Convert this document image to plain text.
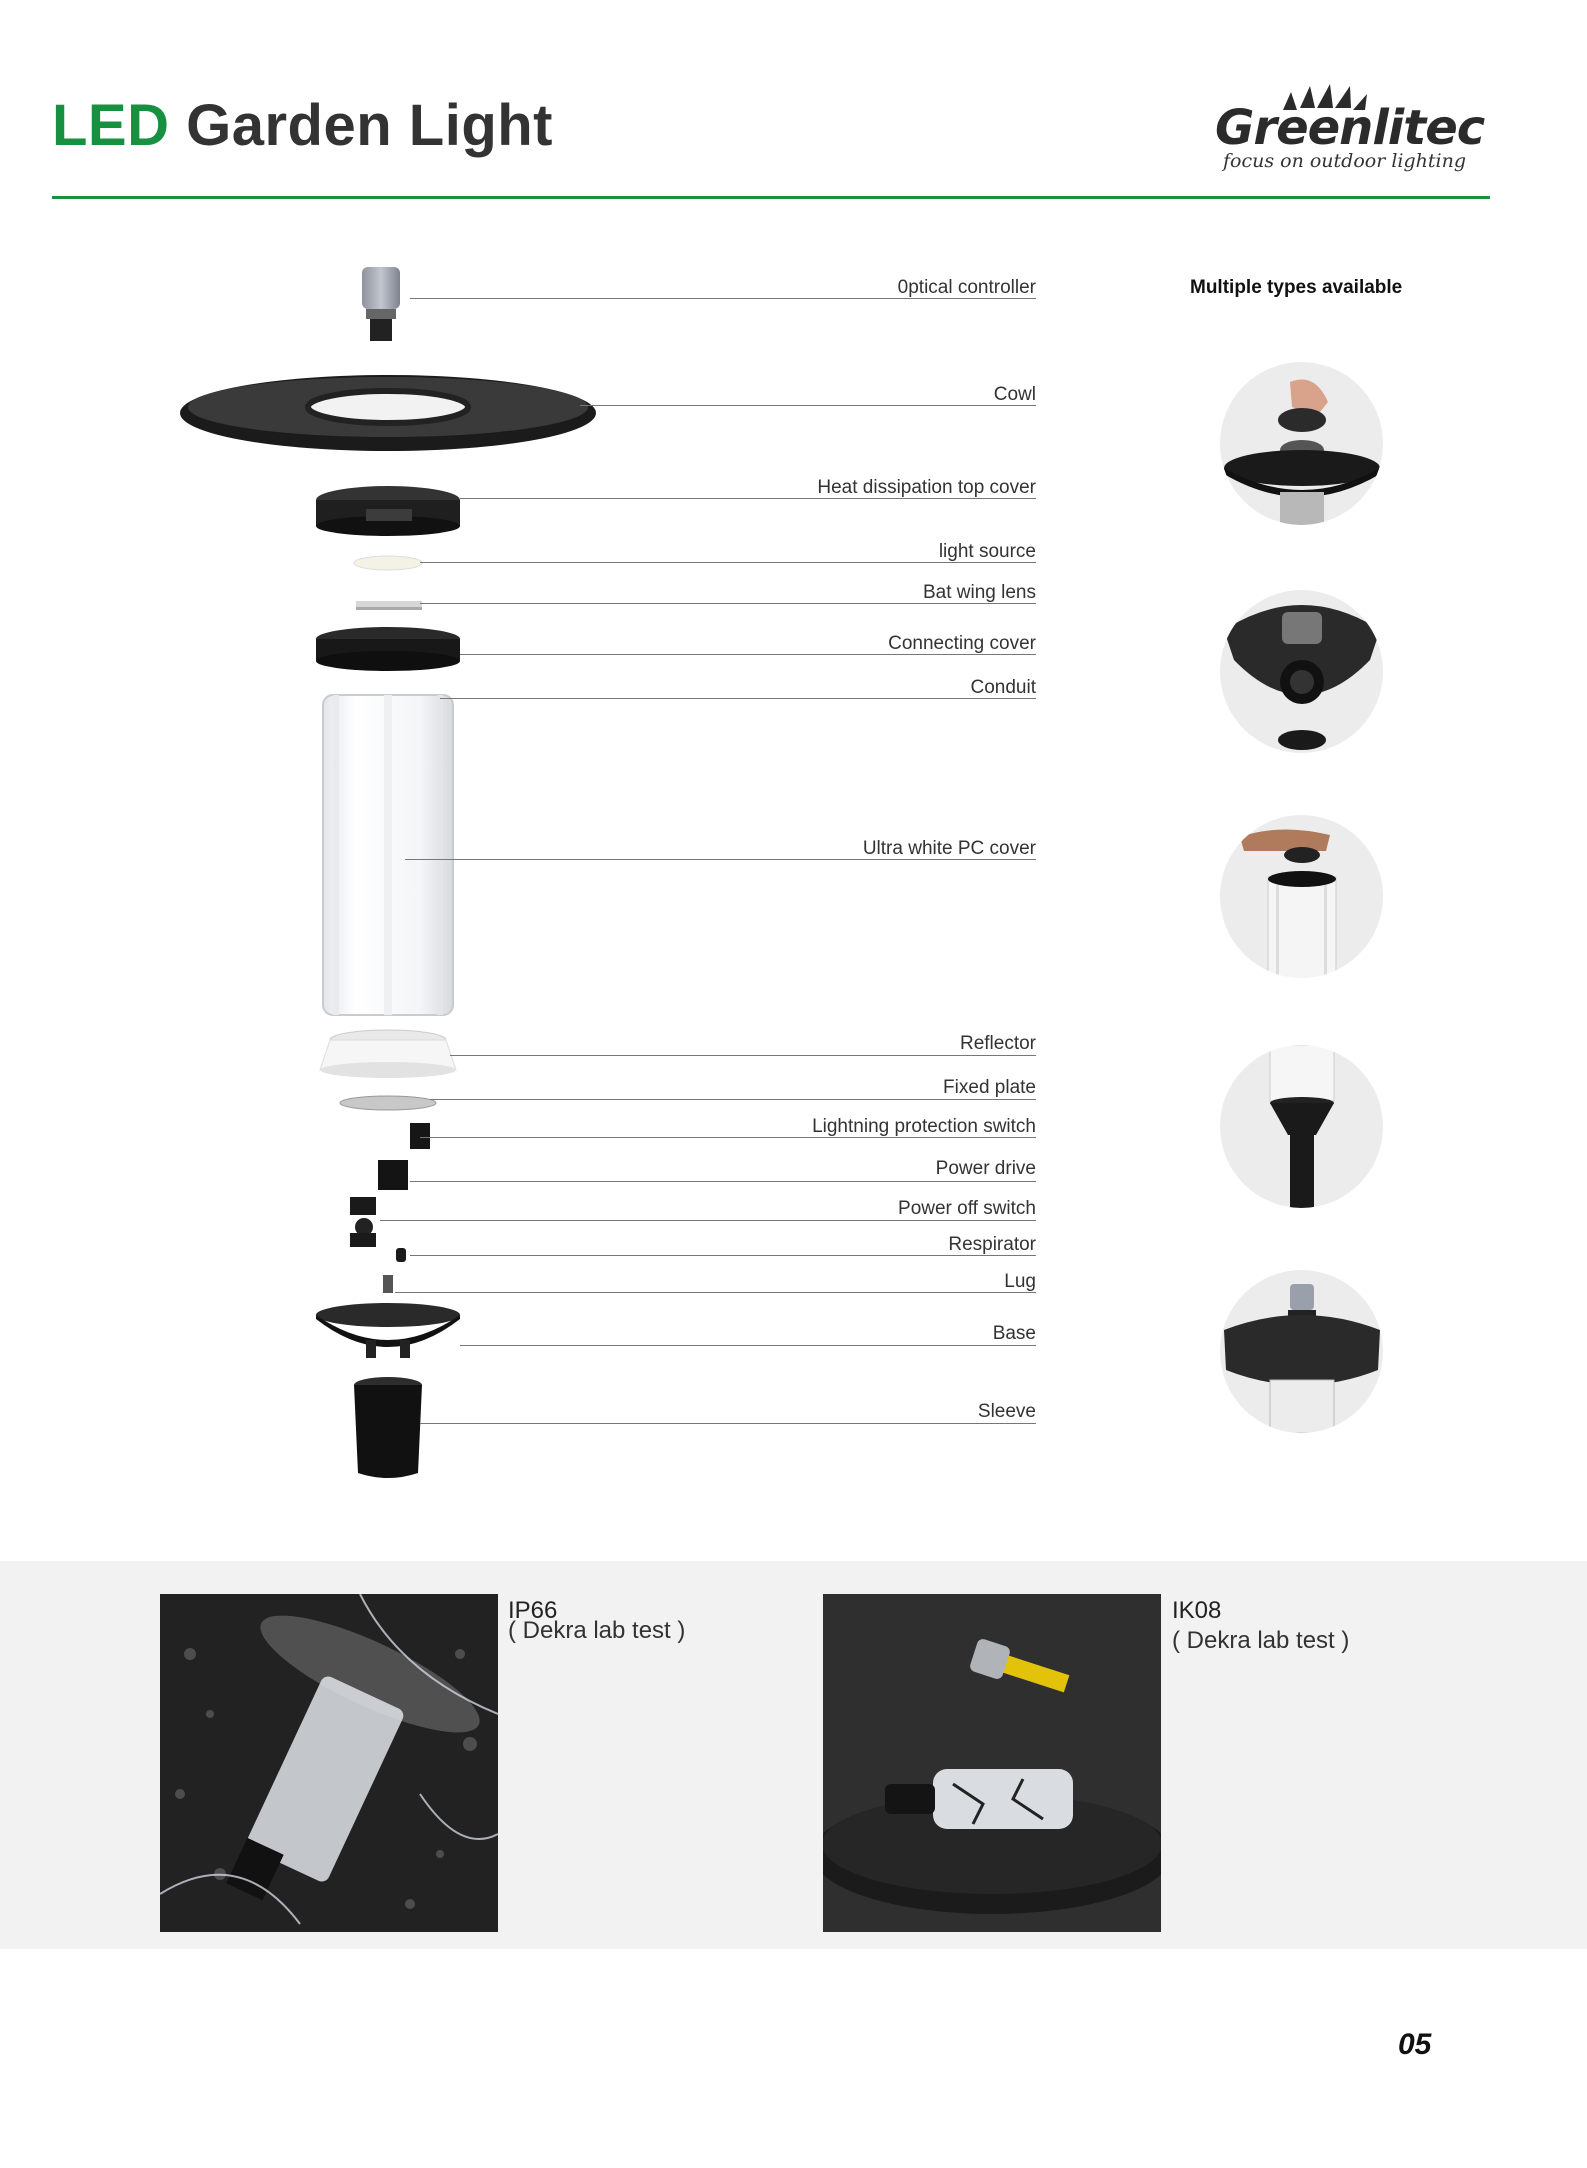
LED Garden Light	Greenlitec
focus on outdoor lighting
0ptical controller
Cowl
Heat dissipation top cover
light source
Bat wing lens
Connecting cover
Conduit
Ultra white PC cover
Reflector
Fixed plate
Lightning protection switch
Power drive
Power off switch
Respirator
Lug
Base
Sleeve
Multiple types available
IP66
( Dekra lab test )
IK08
( Dekra lab test )
05
